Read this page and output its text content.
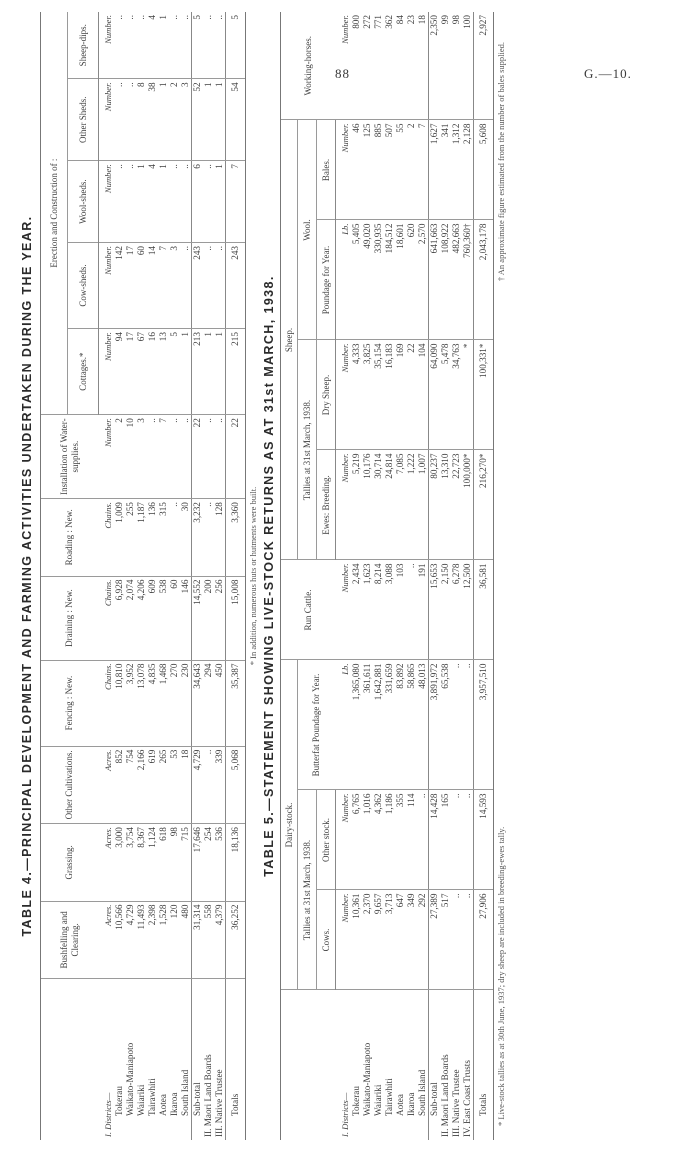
G.—10.
88
TABLE 4.—PRINCIPAL DEVELOPMENT AND FARMING ACTIVITIES UNDERTAKEN DURING THE YEAR.
	Bushfelling and Clearing.	Grassing.	Other Cultivations.	Fencing : New.	Draining : New.	Roading : New.	Installation of Water-supplies.	Erection and Construction of :				
								Cottages.*	Cow-sheds.	Wool-sheds.	Other Sheds.	Sheep-dips.
I. Districts—	Acres.	Acres.	Acres.	Chains.	Chains.	Chains.	Number.	Number.	Number.	Number.	Number.	Number.
Tokerau	10,566	3,000	852	10,810	6,928	1,009	2	94	142	..	..	..
Waikato-Maniapoto	4,729	3,754	754	3,952	2,074	255	10	17	17	..	..	..
Waiariki	11,493	8,367	2,166	13,078	4,206	1,187	3	67	60	1	8	..
Tairawhiti	2,398	1,124	619	4,835	609	136	..	16	14	4	38	4
Aotea	1,528	618	265	1,468	538	315	7	13	7	1	1	1
Ikaroa	120	98	53	270	60	..	..	5	3	..	2	..
South Island	480	715	18	230	146	30	..	1	..	..	3	..
Sub-total	31,314	17,646	4,729	34,643	14,552	3,232	22	213	243	6	52	5
II. Maori Land Boards	558	254	..	294	200	..	..	1	..	..	1	..
III. Native Trustee	4,379	536	339	450	256	128	..	1	..	1	1	..
Totals	36,252	18,136	5,068	35,387	15,008	3,360	22	215	243	7	54	5
* In addition, numerous huts or hutments were built. TABLE 5.—STATEMENT SHOWING LIVE-STOCK RETURNS AS AT 31st MARCH, 1938.
	Dairy-stock.			Run Cattle.	Sheep.				Working-horses.
	Tallies at 31st March, 1938.		Butterfat Poundage for Year.		Tallies at 31st March, 1938.		Wool.		
	Cows.	Other stock.			Ewes: Breeding.	Dry Sheep.	Poundage for Year.	Bales.	
I. Districts—	Number.	Number.	Lb.	Number.	Number.	Number.	Lb.	Number.	Number.
Tokerau	10,361	6,765	1,365,080	2,434	5,219	4,333	5,405	46	800
Waikato-Maniapoto	2,370	1,016	361,611	1,623	10,176	3,825	49,020	125	272
Waiariki	9,657	4,362	1,642,881	8,214	30,714	35,154	330,935	885	771
Tairawhiti	3,713	1,186	331,659	3,088	24,814	16,183	184,512	507	362
Aotea	647	355	83,892	103	7,085	169	18,601	55	84
Ikaroa	349	114	58,865	..	1,222	22	620	2	23
South Island	292	..	48,013	191	1,007	104	2,570	7	18
Sub-total	27,389	14,428	3,891,972	15,653	80,237	64,090	641,663	1,627	2,350
II. Maori Land Boards	517	165	65,538	2,150	13,310	5,478	108,922	341	99
III. Native Trustee	..	..	..	6,278	22,723	34,763	482,663	1,312	98
IV. East Coast Trusts	..	..	..	12,500	100,000*	*	760,360†	2,128	100
Totals	27,906	14,593	3,957,510	36,581	216,270*	100,331*	2,043,178	5,608	2,927
* Live-stock tallies as at 30th June, 1937; dry sheep are included in breeding-ewes tally.
† An approximate figure estimated from the number of bales supplied.
